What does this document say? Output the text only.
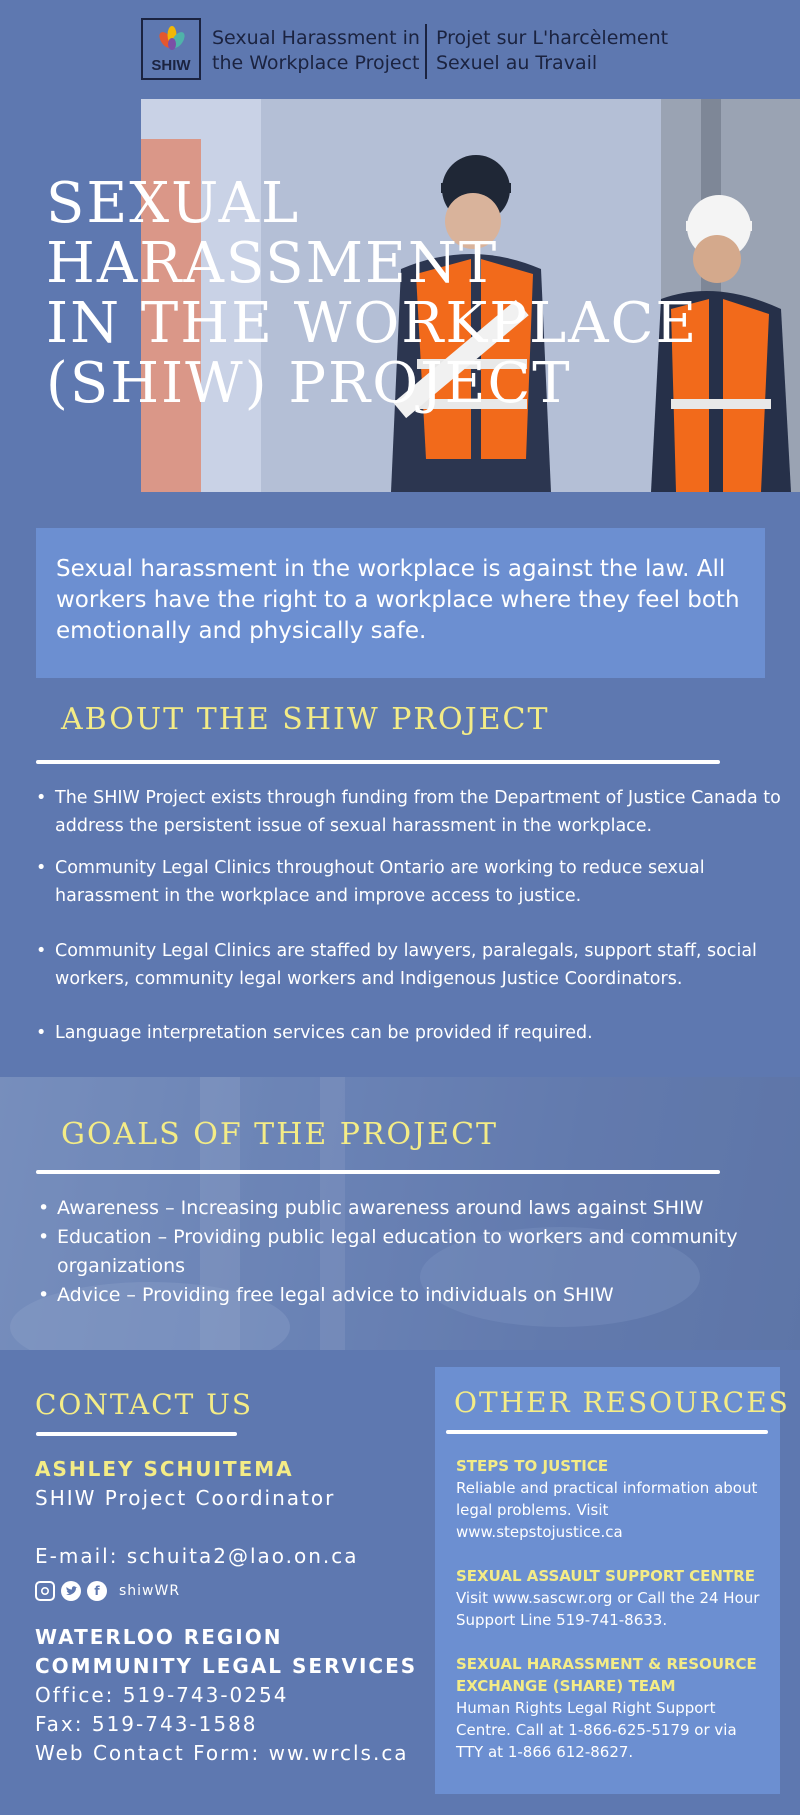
SHIW
Sexual Harassment in
the Workplace Project
Projet sur L'harcèlement
Sexuel au Travail
SEXUAL
HARASSMENT
IN THE WORKPLACE
(SHIW) PROJECT
Sexual harassment in the workplace is against the law. All workers have the right to a workplace where they feel both emotionally and physically safe.
ABOUT THE SHIW PROJECT
• The SHIW Project exists through funding from the Department of Justice Canada to address the persistent issue of sexual harassment in the workplace.
• Community Legal Clinics throughout Ontario are working to reduce sexual harassment in the workplace and improve access to justice.
• Community Legal Clinics are staffed by lawyers, paralegals, support staff, social workers, community legal workers and Indigenous Justice Coordinators.
• Language interpretation services can be provided if required.
GOALS OF THE PROJECT
• Awareness – Increasing public awareness around laws against SHIW
• Education – Providing public legal education to workers and community organizations
• Advice – Providing free legal advice to individuals on SHIW
CONTACT US
ASHLEY SCHUITEMA
SHIW Project Coordinator
E-mail: schuita2@lao.on.ca
f	shiwWR
WATERLOO REGION
COMMUNITY LEGAL SERVICES
Office: 519-743-0254
Fax: 519-743-1588
Web Contact Form: ww.wrcls.ca
OTHER RESOURCES
STEPS TO JUSTICE
Reliable and practical information about legal problems. Visit www.stepstojustice.ca
SEXUAL ASSAULT SUPPORT CENTRE
Visit www.sascwr.org or Call the 24 Hour Support Line 519-741-8633.
SEXUAL HARASSMENT & RESOURCE EXCHANGE (SHARE) TEAM
Human Rights Legal Right Support Centre. Call at 1-866-625-5179 or via TTY at 1-866 612-8627.
